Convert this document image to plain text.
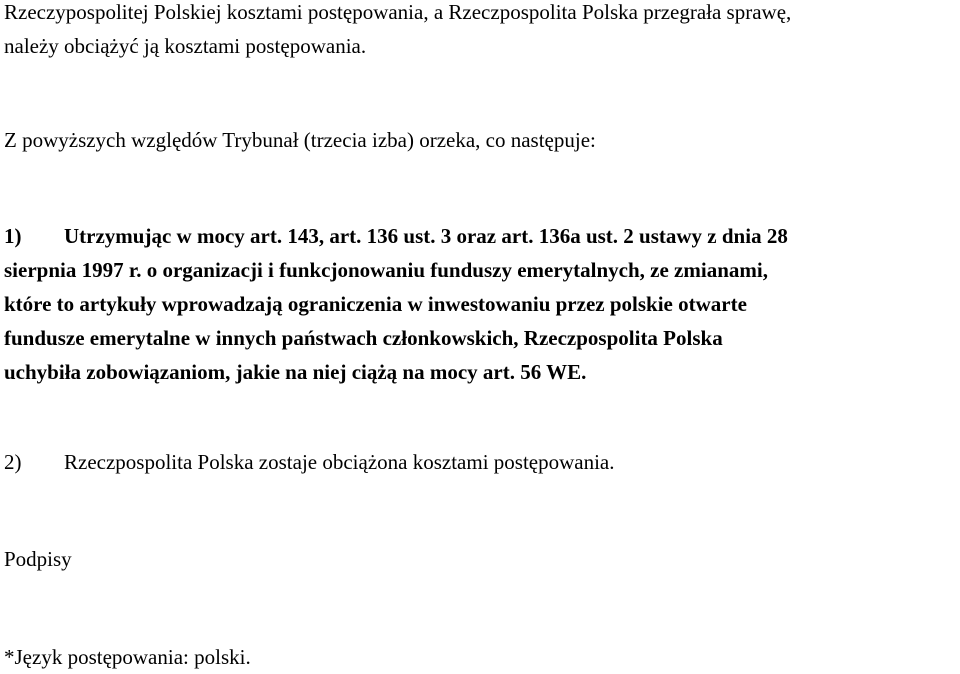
Rzeczypospolitej Polskiej kosztami postępowania, a Rzeczpospolita Polska przegrała sprawę,

należy obciążyć ją kosztami postępowania.

Z powyższych względów Trybunał (trzecia izba) orzeka, co następuje:

1) Utrzymując w mocy art. 143, art. 136 ust. 3 oraz art. 136a ust. 2 ustawy z dnia 28

sierpnia 1997 r. o organizacji i funkcjonowaniu funduszy emerytalnych, ze zmianami,

które to artykuły wprowadzają ograniczenia w inwestowaniu przez polskie otwarte

fundusze emerytalne w innych państwach członkowskich, Rzeczpospolita Polska

uchybiła zobowiązaniom, jakie na niej ciążą na mocy art. 56 WE.

2) Rzeczpospolita Polska zostaje obciążona kosztami postępowania.

Podpisy

*Język postępowania: polski.
